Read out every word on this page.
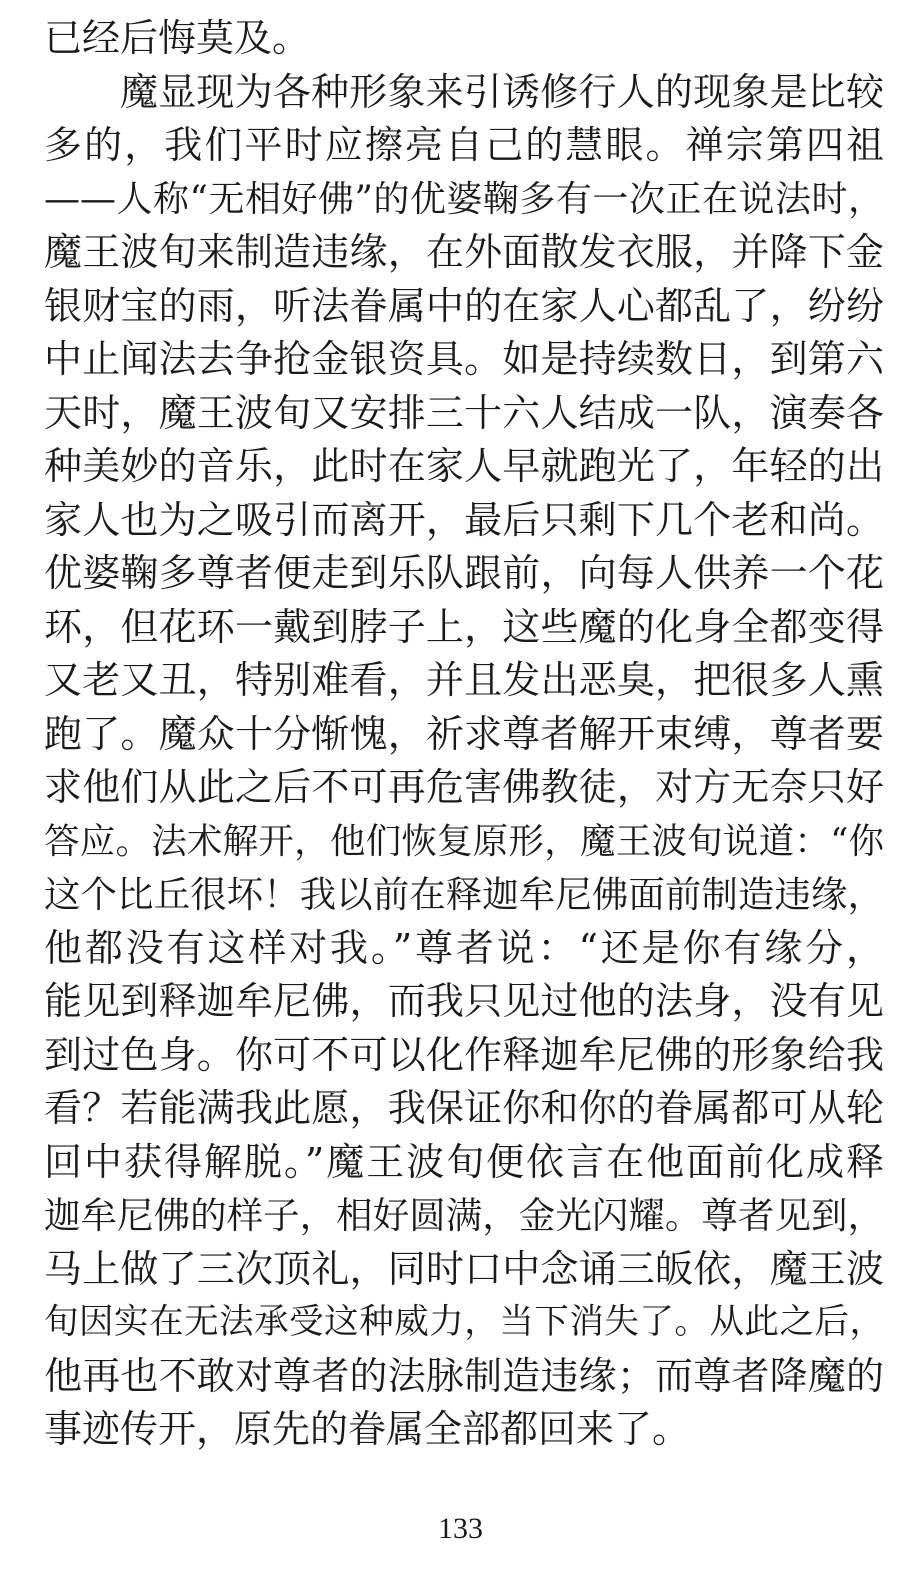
已经后悔莫及。
魔显现为各种形象来引诱修行人的现象是比较
多的，我们平时应擦亮自己的慧眼。禅宗第四祖
——人称“无相好佛”的优婆鞠多有一次正在说法时，
魔王波旬来制造违缘，在外面散发衣服，并降下金
银财宝的雨，听法眷属中的在家人心都乱了，纷纷
中止闻法去争抢金银资具。如是持续数日，到第六
天时，魔王波旬又安排三十六人结成一队，演奏各
种美妙的音乐，此时在家人早就跑光了，年轻的出
家人也为之吸引而离开，最后只剩下几个老和尚。
优婆鞠多尊者便走到乐队跟前，向每人供养一个花
环，但花环一戴到脖子上，这些魔的化身全都变得
又老又丑，特别难看，并且发出恶臭，把很多人熏
跑了。魔众十分惭愧，祈求尊者解开束缚，尊者要
求他们从此之后不可再危害佛教徒，对方无奈只好
答应。法术解开，他们恢复原形，魔王波旬说道：“你
这个比丘很坏！我以前在释迦牟尼佛面前制造违缘，
他都没有这样对我。”尊者说：“还是你有缘分，
能见到释迦牟尼佛，而我只见过他的法身，没有见
到过色身。你可不可以化作释迦牟尼佛的形象给我
看？若能满我此愿，我保证你和你的眷属都可从轮
回中获得解脱。”魔王波旬便依言在他面前化成释
迦牟尼佛的样子，相好圆满，金光闪耀。尊者见到，
马上做了三次顶礼，同时口中念诵三皈依，魔王波
旬因实在无法承受这种威力，当下消失了。从此之后，
他再也不敢对尊者的法脉制造违缘；而尊者降魔的
事迹传开，原先的眷属全部都回来了。
133
